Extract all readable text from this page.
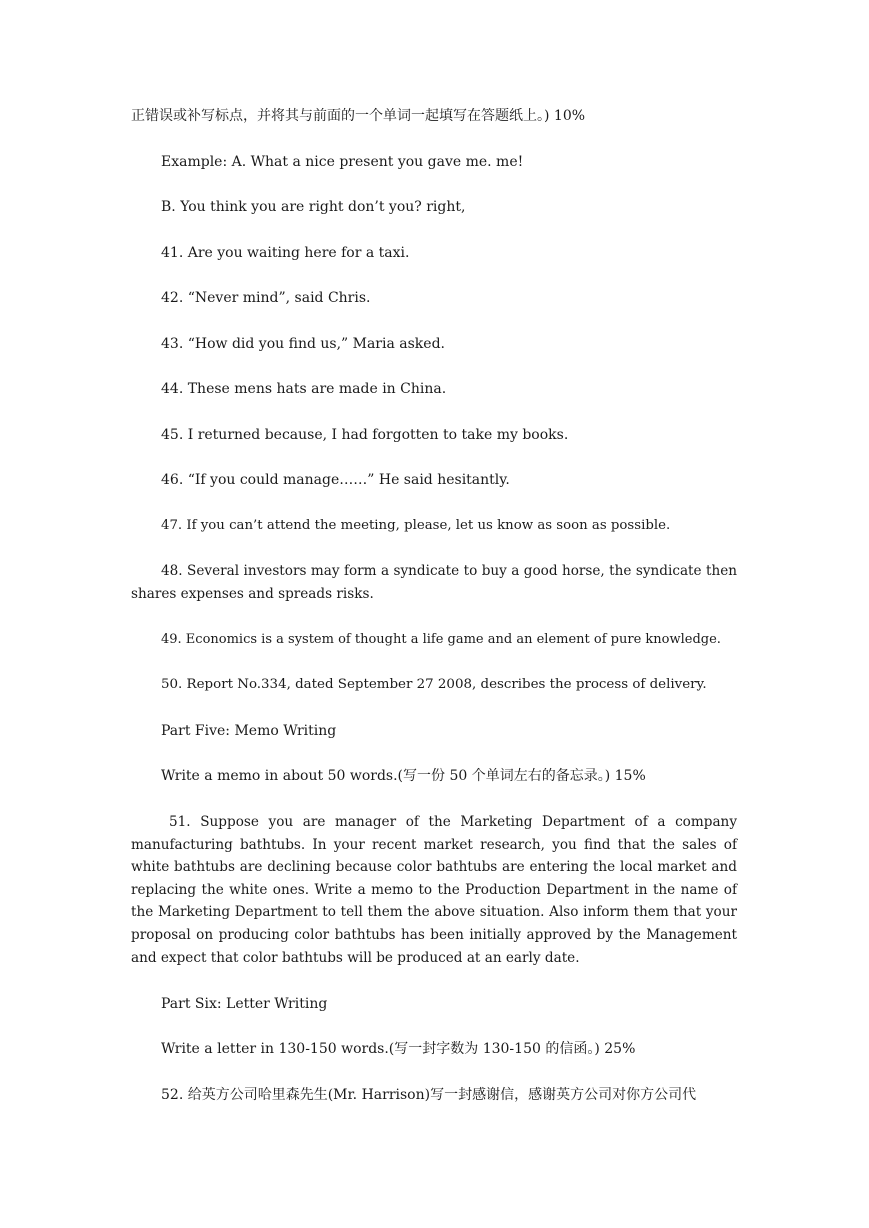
正错误或补写标点，并将其与前面的一个单词一起填写在答题纸上。) 10%
Example: A. What a nice present you gave me. me!
B. You think you are right don’t you? right,
41. Are you waiting here for a taxi.
42. “Never mind”, said Chris.
43. “How did you find us,” Maria asked.
44. These mens hats are made in China.
45. I returned because, I had forgotten to take my books.
46. “If you could manage……” He said hesitantly.
47. If you can’t attend the meeting, please, let us know as soon as possible.

48. Several investors may form a syndicate to buy a good horse, the syndicate then shares expenses and spreads risks.

49. Economics is a system of thought a life game and an element of pure knowledge.
50. Report No.334, dated September 27 2008, describes the process of delivery.
Part Five: Memo Writing
Write a memo in about 50 words.(写一份 50 个单词左右的备忘录。) 15%

51. Suppose you are manager of the Marketing Department of a company manufacturing bathtubs. In your recent market research, you find that the sales of white bathtubs are declining because color bathtubs are entering the local market and replacing the white ones. Write a memo to the Production Department in the name of the Marketing Department to tell them the above situation. Also inform them that your proposal on producing color bathtubs has been initially approved by the Management and expect that color bathtubs will be produced at an early date.

Part Six: Letter Writing
Write a letter in 130-150 words.(写一封字数为 130-150 的信函。) 25%
52. 给英方公司哈里森先生(Mr. Harrison)写一封感谢信，感谢英方公司对你方公司代
